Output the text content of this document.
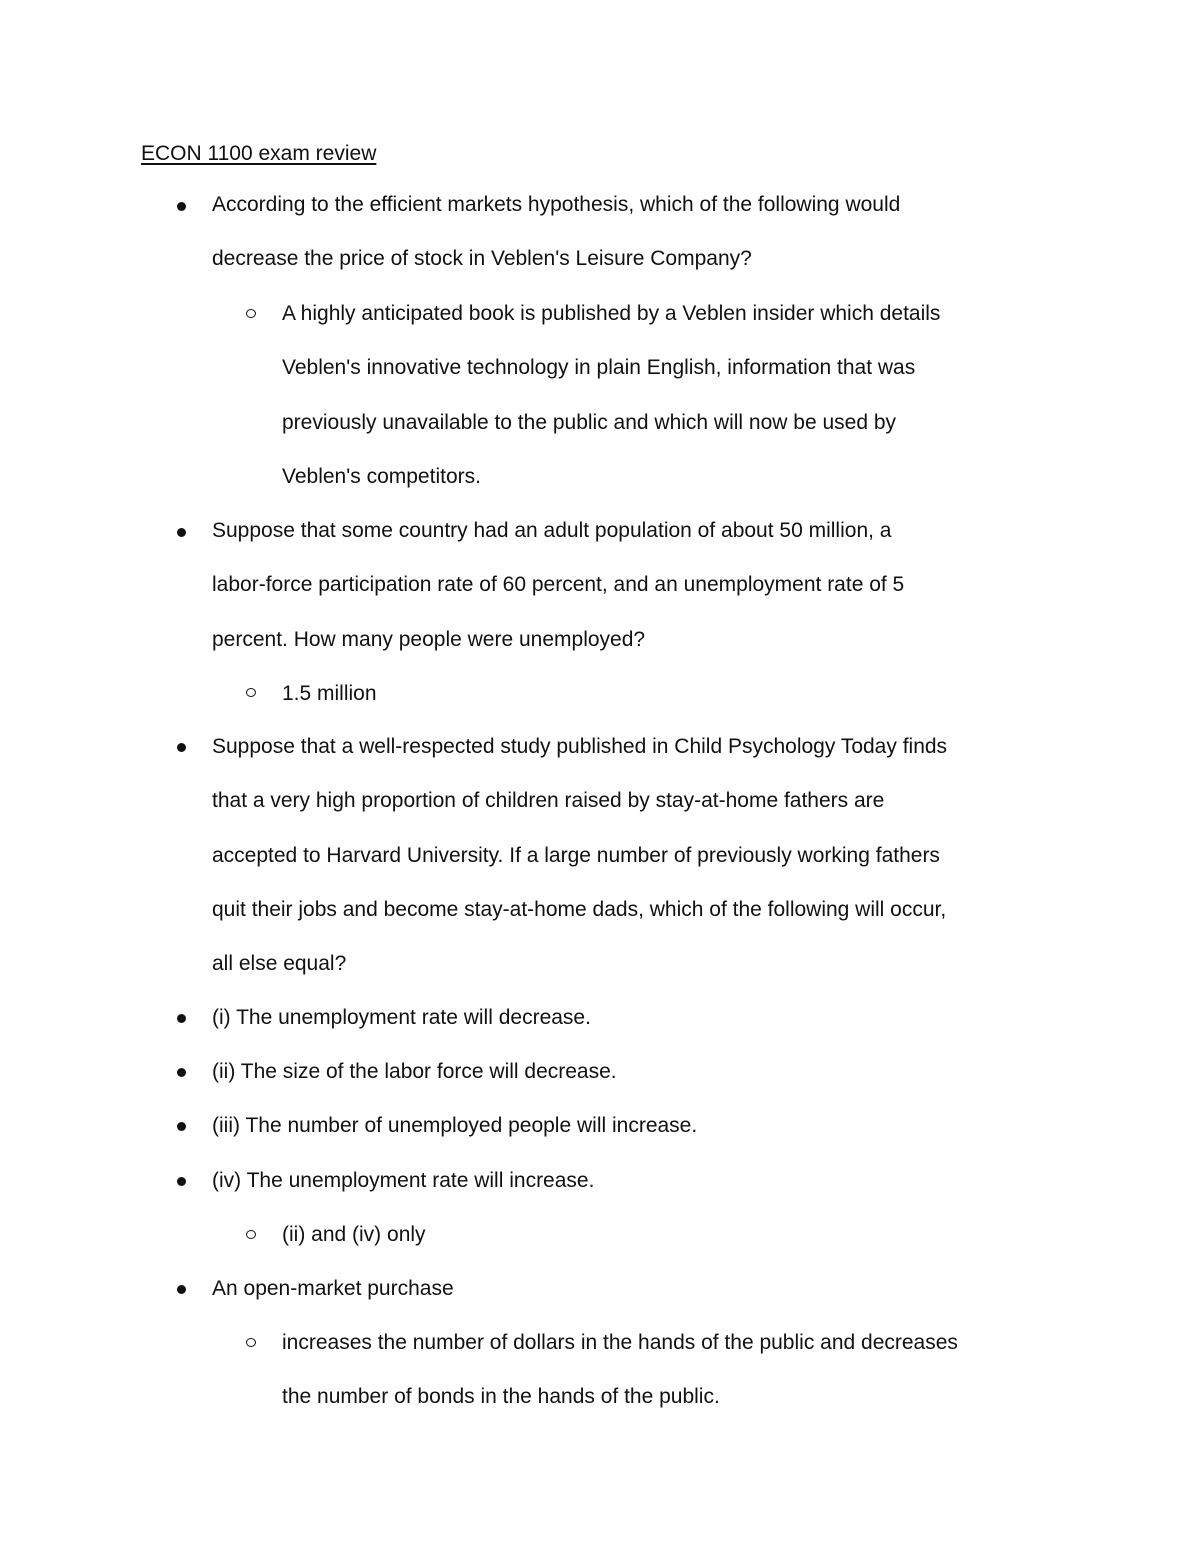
ECON 1100 exam review
According to the efficient markets hypothesis, which of the following would
decrease the price of stock in Veblen's Leisure Company?
A highly anticipated book is published by a Veblen insider which details
Veblen's innovative technology in plain English, information that was
previously unavailable to the public and which will now be used by
Veblen's competitors.
Suppose that some country had an adult population of about 50 million, a
labor-force participation rate of 60 percent, and an unemployment rate of 5
percent. How many people were unemployed?
1.5 million
Suppose that a well-respected study published in Child Psychology Today finds
that a very high proportion of children raised by stay-at-home fathers are
accepted to Harvard University. If a large number of previously working fathers
quit their jobs and become stay-at-home dads, which of the following will occur,
all else equal?
(i) The unemployment rate will decrease.
(ii) The size of the labor force will decrease.
(iii) The number of unemployed people will increase.
(iv) The unemployment rate will increase.
(ii) and (iv) only
An open-market purchase
increases the number of dollars in the hands of the public and decreases
the number of bonds in the hands of the public.
